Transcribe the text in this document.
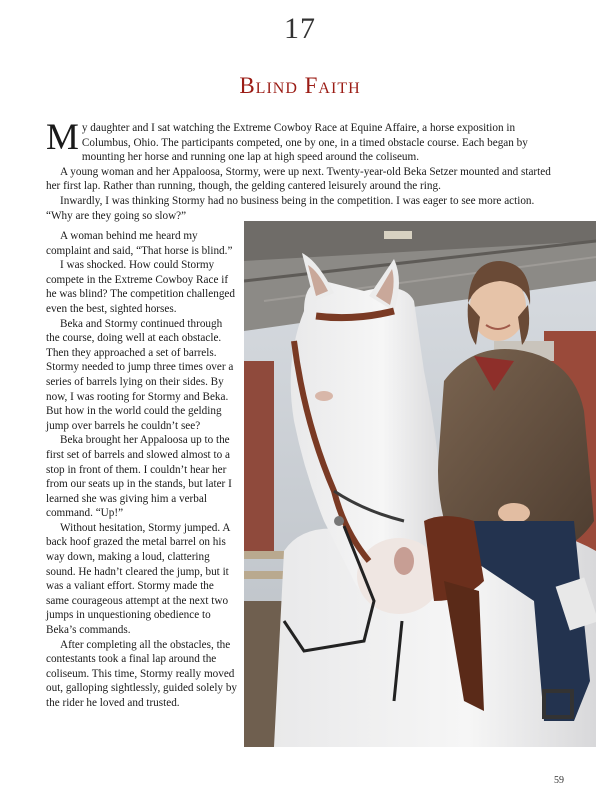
17
Blind Faith

My daughter and I sat watching the Extreme Cowboy Race at Equine Affaire, a horse exposition in Columbus, Ohio. The participants competed, one by one, in a timed obstacle course. Each began by mounting her horse and running one lap at high speed around the coliseum.

A young woman and her Appaloosa, Stormy, were up next. Twenty-year-old Beka Setzer mounted and started her first lap. Rather than running, though, the gelding cantered leisurely around the ring.

Inwardly, I was thinking Stormy had no business being in the competition. I was eager to see more action.

“Why are they going so slow?”

A woman behind me heard my complaint and said, “That horse is blind.”

I was shocked. How could Stormy compete in the Extreme Cowboy Race if he was blind? The competition challenged even the best, sighted horses.

Beka and Stormy continued through the course, doing well at each obstacle. Then they approached a set of barrels. Stormy needed to jump three times over a series of barrels lying on their sides. By now, I was rooting for Stormy and Beka. But how in the world could the gelding jump over barrels he couldn’t see?

Beka brought her Appaloosa up to the first set of barrels and slowed almost to a stop in front of them. I couldn’t hear her from our seats up in the stands, but later I learned she was giving him a verbal command. “Up!”

Without hesitation, Stormy jumped. A back hoof grazed the metal barrel on his way down, making a loud, clattering sound. He hadn’t cleared the jump, but it was a valiant effort. Stormy made the same courageous attempt at the next two jumps in unquestioning obedience to Beka’s commands.

After completing all the obstacles, the contestants took a final lap around the coliseum. This time, Stormy really moved out, galloping sightlessly, guided solely by the rider he loved and trusted.

59
